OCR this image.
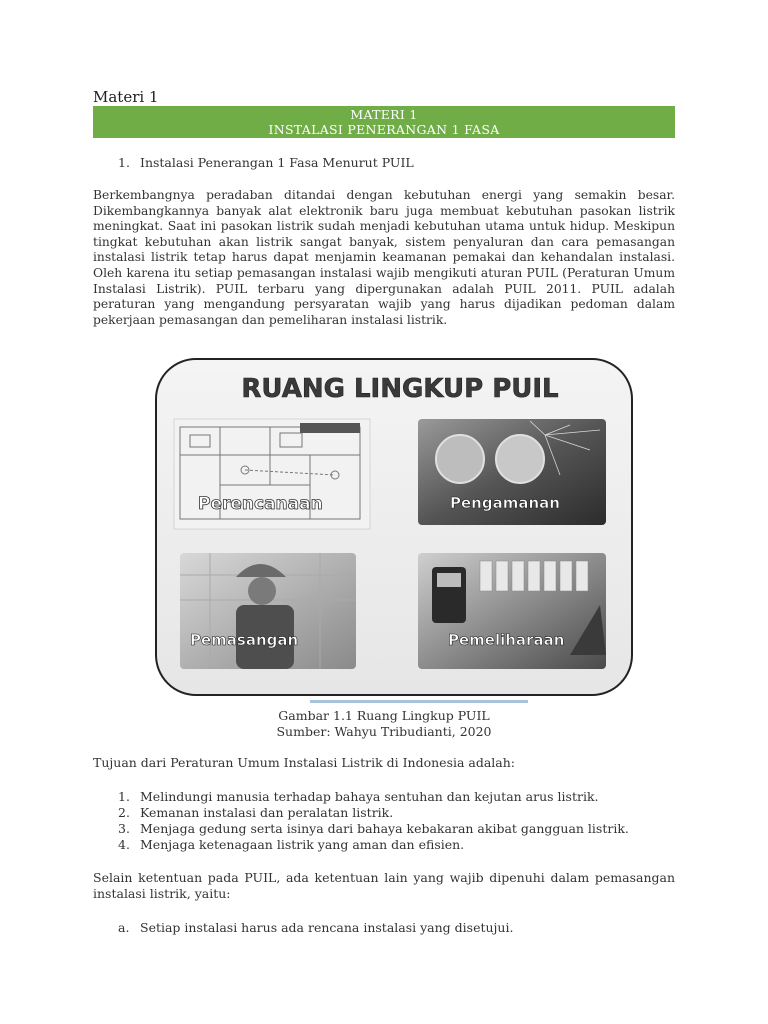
Materi 1
MATERI 1
INSTALASI PENERANGAN 1 FASA
1. Instalasi Penerangan 1 Fasa Menurut PUIL
Berkembangnya peradaban ditandai dengan kebutuhan energi yang semakin besar. Dikembangkannya banyak alat elektronik baru juga membuat kebutuhan pasokan listrik meningkat. Saat ini pasokan listrik sudah menjadi kebutuhan utama untuk hidup. Meskipun tingkat kebutuhan akan listrik sangat banyak, sistem penyaluran dan cara pemasangan instalasi listrik tetap harus dapat menjamin keamanan pemakai dan kehandalan instalasi. Oleh karena itu setiap pemasangan instalasi wajib mengikuti aturan PUIL (Peraturan Umum Instalasi Listrik). PUIL terbaru yang dipergunakan adalah PUIL 2011. PUIL adalah peraturan yang mengandung persyaratan wajib yang harus dijadikan pedoman dalam pekerjaan pemasangan dan pemeliharan instalasi listrik.
RUANG LINGKUP PUIL
Perencanaan	Pengamanan
Pemasangan	Pemeliharaan
Gambar 1.1 Ruang Lingkup PUIL
Sumber: Wahyu Tribudianti, 2020
Tujuan dari Peraturan Umum Instalasi Listrik di Indonesia adalah:
1. Melindungi manusia terhadap bahaya sentuhan dan kejutan arus listrik.
2. Kemanan instalasi dan peralatan listrik.
3. Menjaga gedung serta isinya dari bahaya kebakaran akibat gangguan listrik.
4. Menjaga ketenagaan listrik yang aman dan efisien.
Selain ketentuan pada PUIL, ada ketentuan lain yang wajib dipenuhi dalam pemasangan instalasi listrik, yaitu:
a. Setiap instalasi harus ada rencana instalasi yang disetujui.
